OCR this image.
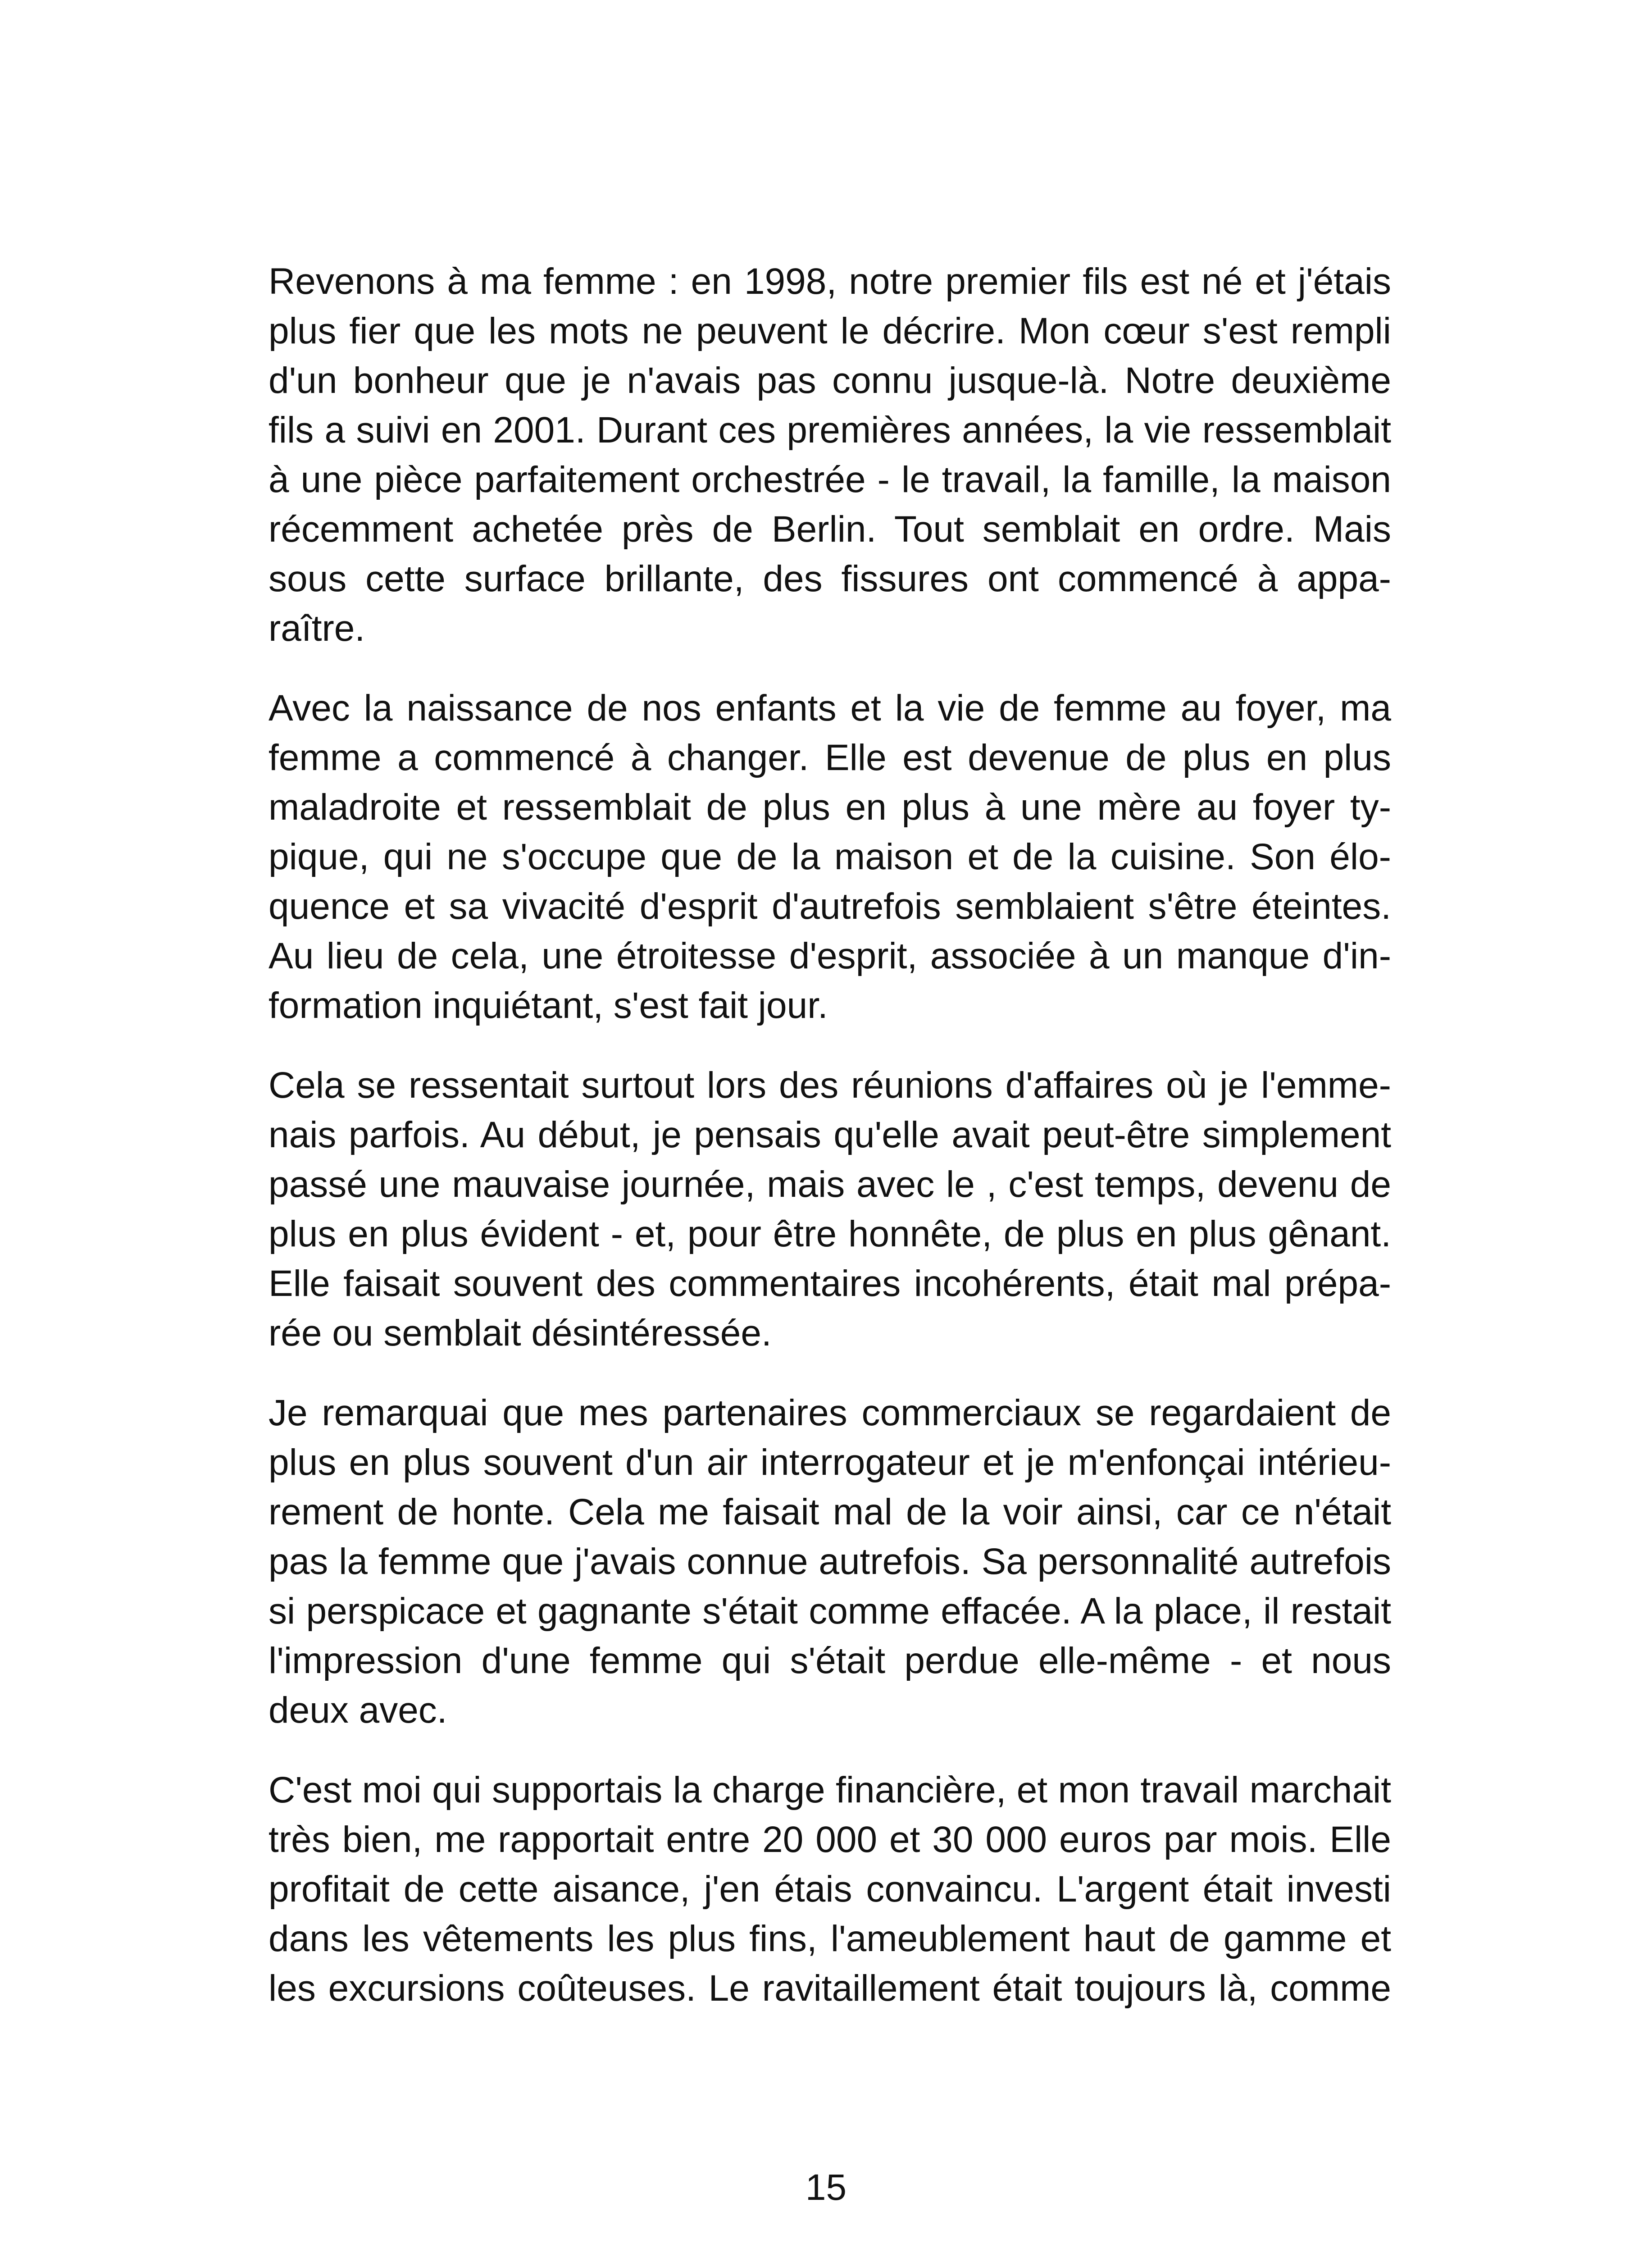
Revenons à ma femme : en 1998, notre premier fils est né et j'étais
plus fier que les mots ne peuvent le décrire. Mon cœur s'est rempli
d'un bonheur que je n'avais pas connu jusque-là. Notre deuxième
fils a suivi en 2001. Durant ces premières années, la vie ressemblait
à une pièce parfaitement orchestrée - le travail, la famille, la maison
récemment achetée près de Berlin. Tout semblait en ordre. Mais
sous cette surface brillante, des fissures ont commencé à appa-
raître.

Avec la naissance de nos enfants et la vie de femme au foyer, ma
femme a commencé à changer. Elle est devenue de plus en plus
maladroite et ressemblait de plus en plus à une mère au foyer ty-
pique, qui ne s'occupe que de la maison et de la cuisine. Son élo-
quence et sa vivacité d'esprit d'autrefois semblaient s'être éteintes.
Au lieu de cela, une étroitesse d'esprit, associée à un manque d'in-
formation inquiétant, s'est fait jour.

Cela se ressentait surtout lors des réunions d'affaires où je l'emme-
nais parfois. Au début, je pensais qu'elle avait peut-être simplement
passé une mauvaise journée, mais avec le , c'est temps, devenu de
plus en plus évident - et, pour être honnête, de plus en plus gênant.
Elle faisait souvent des commentaires incohérents, était mal prépa-
rée ou semblait désintéressée.

Je remarquai que mes partenaires commerciaux se regardaient de
plus en plus souvent d'un air interrogateur et je m'enfonçai intérieu-
rement de honte. Cela me faisait mal de la voir ainsi, car ce n'était
pas la femme que j'avais connue autrefois. Sa personnalité autrefois
si perspicace et gagnante s'était comme effacée. A la place, il restait
l'impression d'une femme qui s'était perdue elle-même - et nous
deux avec.

C'est moi qui supportais la charge financière, et mon travail marchait
très bien, me rapportait entre 20 000 et 30 000 euros par mois. Elle
profitait de cette aisance, j'en étais convaincu. L'argent était investi
dans les vêtements les plus fins, l'ameublement haut de gamme et
les excursions coûteuses. Le ravitaillement était toujours là, comme

15
